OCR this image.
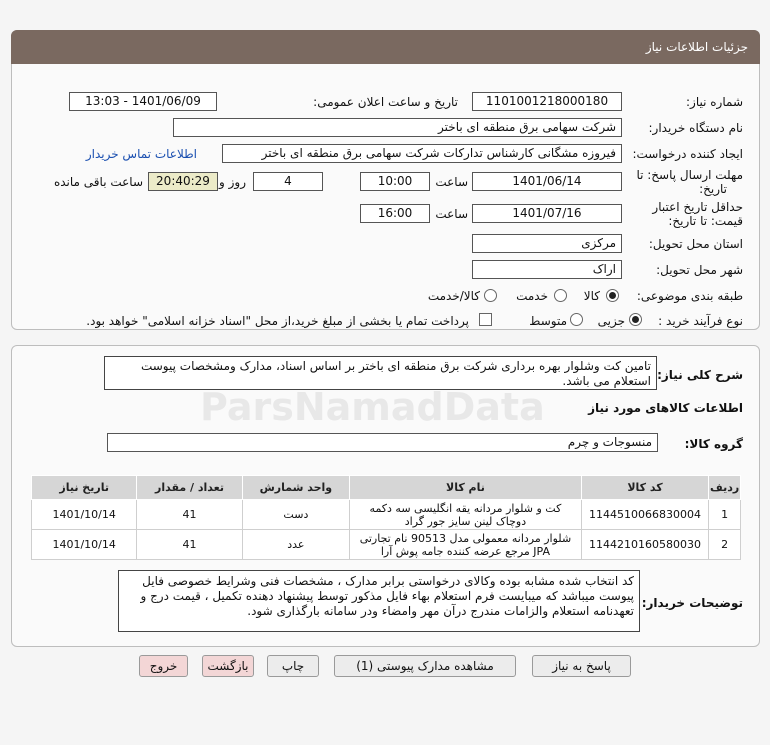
جزئیات اطلاعات نیاز
شماره نیاز:
1101001218000180
تاریخ و ساعت اعلان عمومی:
1401/06/09 - 13:03
نام دستگاه خریدار:
شرکت سهامی برق منطقه ای باختر
ایجاد کننده درخواست:
فیروزه مشگانی کارشناس تدارکات شرکت سهامی برق منطقه ای باختر
اطلاعات تماس خریدار
مهلت ارسال پاسخ: تا
تاریخ:
1401/06/14
ساعت
10:00
4
روز و
20:40:29
ساعت باقی مانده
حداقل تاریخ اعتبار
قیمت: تا تاریخ:
1401/07/16
ساعت
16:00
استان محل تحویل:
مرکزی
شهر محل تحویل:
اراک
طبقه بندی موضوعی:
کالا
خدمت
کالا/خدمت
نوع فرآیند خرید :
جزیی
متوسط
پرداخت تمام یا بخشی از مبلغ خرید،از محل "اسناد خزانه اسلامی" خواهد بود.
شرح کلی نیاز:
تامین کت وشلوار بهره برداری شرکت برق منطقه ای باختر بر اساس اسناد، مدارک ومشخصات پیوست استعلام می باشد.
اطلاعات کالاهای مورد نیاز
گروه کالا:
منسوجات و چرم
ردیف	کد کالا	نام کالا	واحد شمارش	تعداد / مقدار	تاریخ نیاز
1	1144510066830004	کت و شلوار مردانه یقه انگلیسی سه دکمه دوچاک لینن سایز جور گراد	دست	41	1401/10/14
2	1144210160580030	شلوار مردانه معمولی مدل 90513 نام تجارتی JPA مرجع عرضه کننده جامه پوش آرا	عدد	41	1401/10/14
توضیحات خریدار:
کد انتخاب شده مشابه بوده وکالای درخواستی برابر مدارک ، مشخصات فنی وشرایط خصوصی فایل پیوست میباشد که میبایست فرم استعلام بهاء فایل مذکور توسط پیشنهاد دهنده تکمیل ، قیمت درج و تعهدنامه استعلام والزامات مندرج درآن مهر وامضاء ودر سامانه بارگذاری شود.
پاسخ به نیاز
مشاهده مدارک پیوستی (1)
چاپ
بازگشت
خروج
